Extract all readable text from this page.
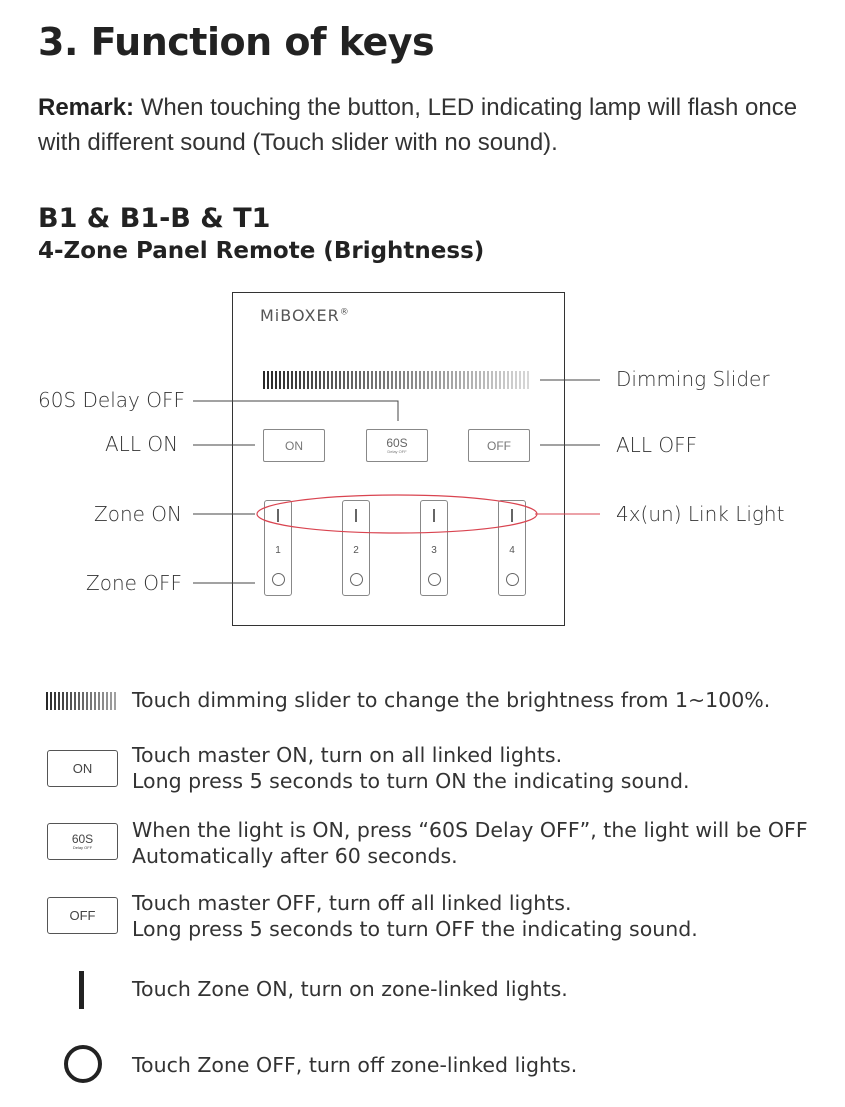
3. Function of keys
Remark: When touching the button, LED indicating lamp will flash once with different sound (Touch slider with no sound).
B1 & B1-B & T1
4-Zone Panel Remote (Brightness)
MiBOXER®
ON	60S
Delay OFF	OFF
1	2	3	4
Dimming Slider
60S Delay OFF
ALL ON	ALL OFF
Zone ON	4x(un) Link Light
Zone OFF
Touch dimming slider to change the brightness from 1~100%.
ON
Touch master ON, turn on all linked lights.
Long press 5 seconds to turn ON the indicating sound.
60S
Delay OFF
When the light is ON, press “60S Delay OFF”, the light will be OFF
Automatically after 60 seconds.
OFF
Touch master OFF, turn off all linked lights.
Long press 5 seconds to turn OFF the indicating sound.
Touch Zone ON, turn on zone-linked lights.
Touch Zone OFF, turn off zone-linked lights.
